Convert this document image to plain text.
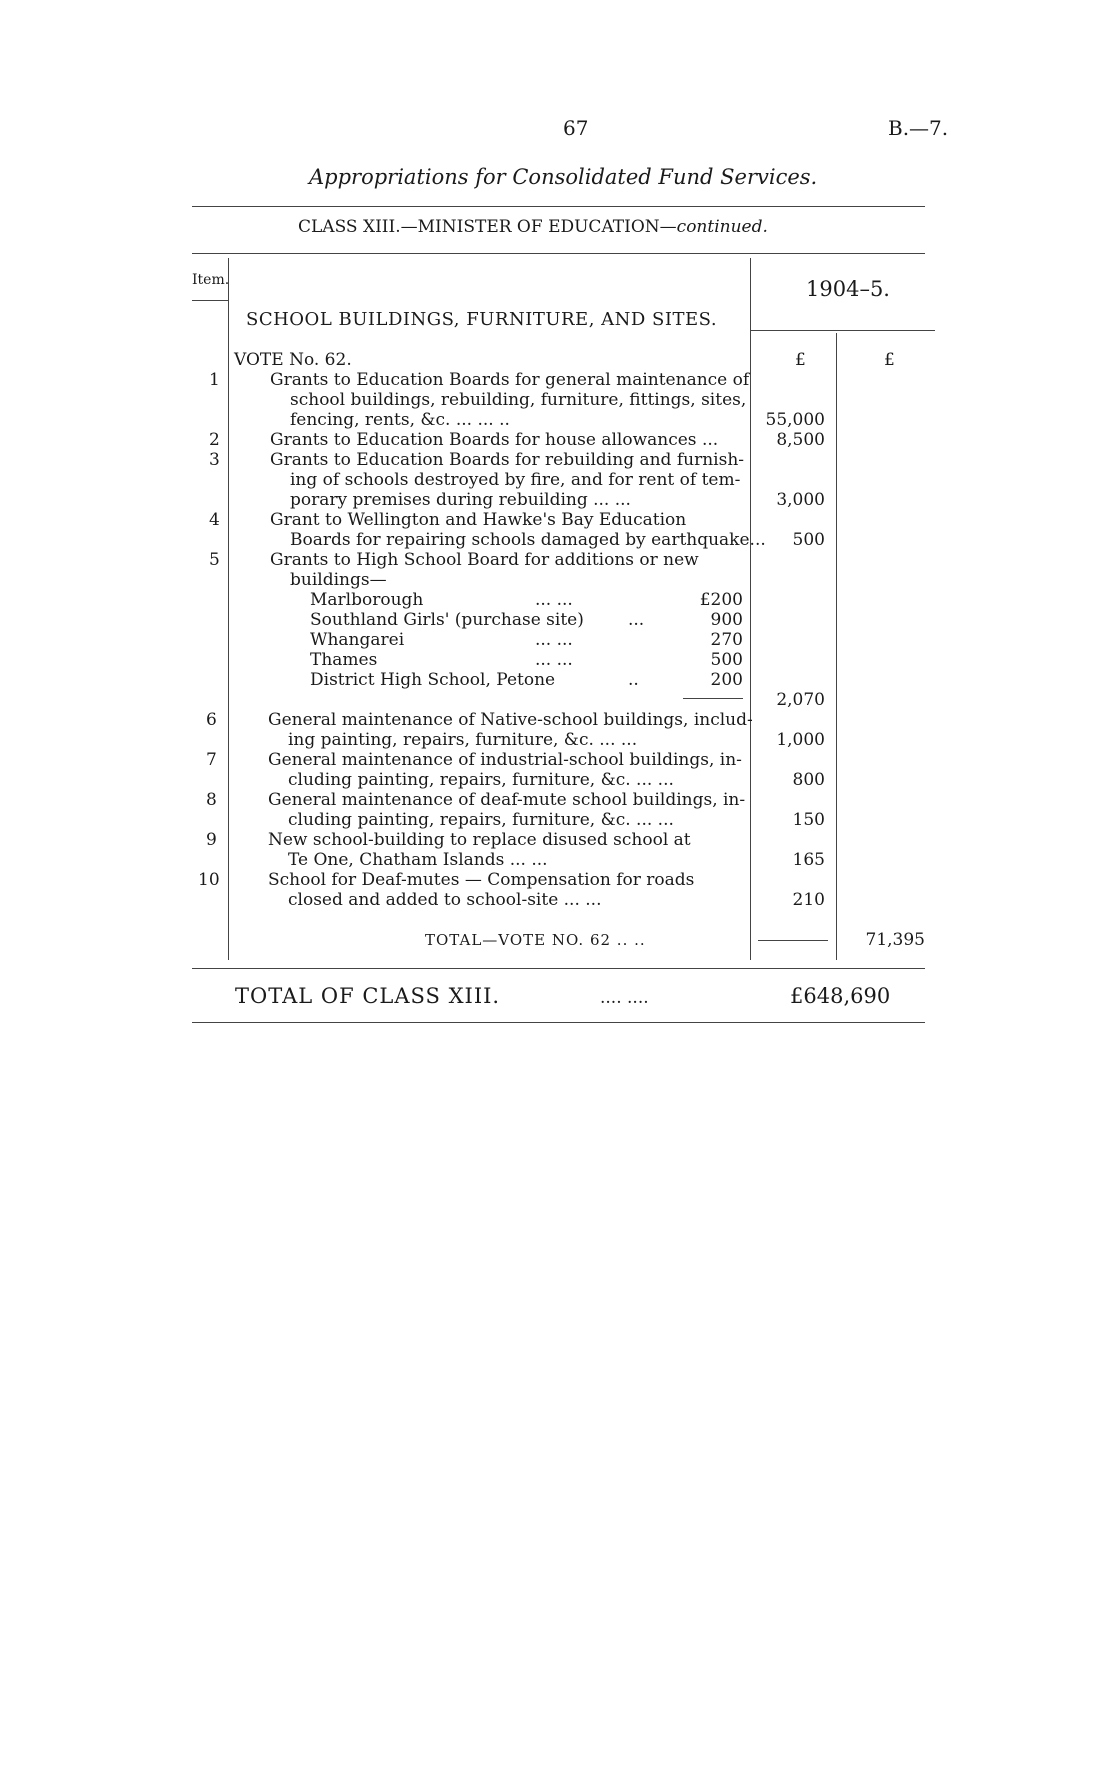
67	B.—7.
Appropriations for Consolidated Fund Services.
CLASS XIII.—MINISTER OF EDUCATION—continued.
Item.	1904–5.
SCHOOL BUILDINGS, FURNITURE, AND SITES.
VOTE No. 62.	£	£
1	Grants to Education Boards for general maintenance of
school buildings, rebuilding, furniture, fittings, sites,
fencing, rents, &c. ... ... ..	55,000
2	Grants to Education Boards for house allowances ...	8,500
3	Grants to Education Boards for rebuilding and furnish-
ing of schools destroyed by fire, and for rent of tem-
porary premises during rebuilding ... ...	3,000
4	Grant to Wellington and Hawke's Bay Education
Boards for repairing schools damaged by earthquake...	500
5	Grants to High School Board for additions or new
buildings—
Marlborough	... ...	£200
Southland Girls' (purchase site)	...	900
Whangarei	... ...	270
Thames	... ...	500
District High School, Petone	..	200
2,070
6	General maintenance of Native-school buildings, includ-
ing painting, repairs, furniture, &c. ... ...	1,000
7	General maintenance of industrial-school buildings, in-
cluding painting, repairs, furniture, &c. ... ...	800
8	General maintenance of deaf-mute school buildings, in-
cluding painting, repairs, furniture, &c. ... ...	150
9	New school-building to replace disused school at
Te One, Chatham Islands ... ...	165
10	School for Deaf-mutes — Compensation for roads
closed and added to school-site ... ...	210
TOTAL—VOTE NO. 62 .. ..	71,395
TOTAL OF CLASS XIII.	.... ....	£648,690
